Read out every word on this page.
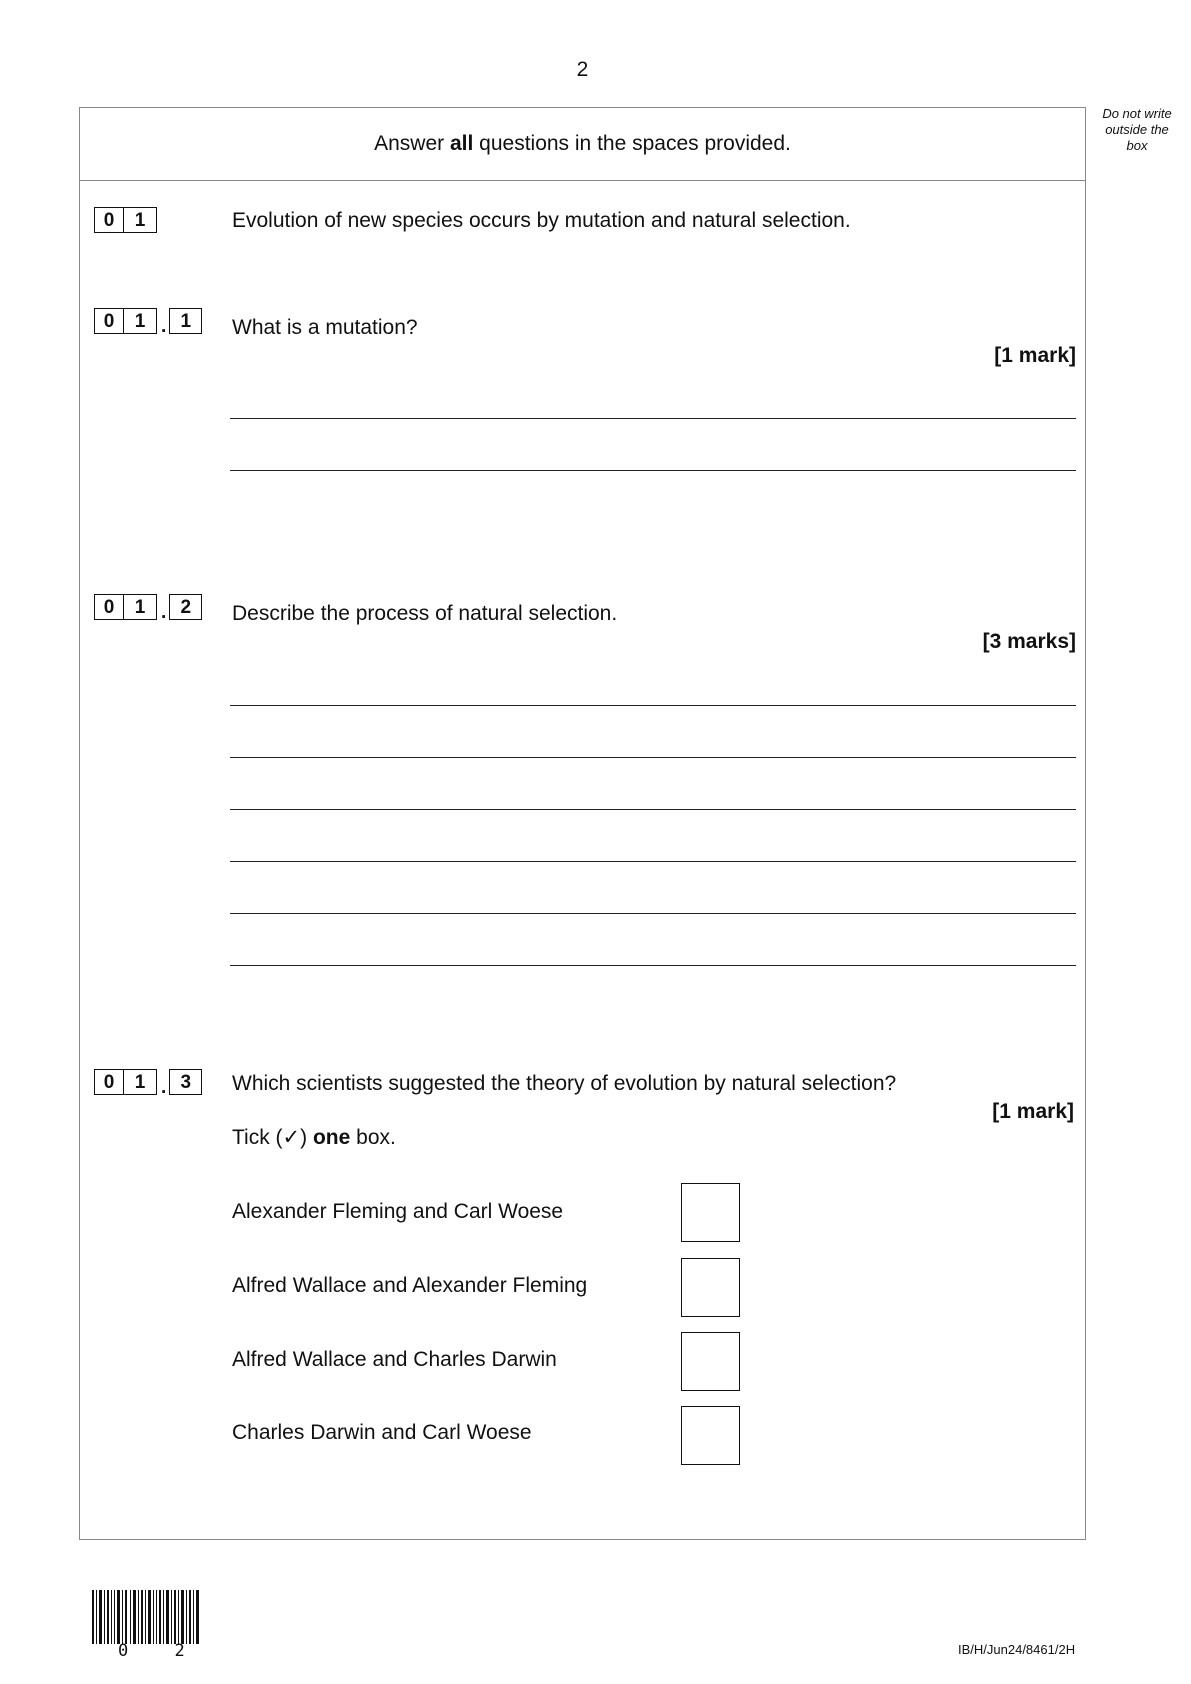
2
Do not write
outside the
box
Answer all questions in the spaces provided.
0	1	Evolution of new species occurs by mutation and natural selection.
0	1 . 1	What is a mutation?
[1 mark]
0	1 . 2	Describe the process of natural selection.
[3 marks]
0	1 . 3	Which scientists suggested the theory of evolution by natural selection?
[1 mark]
Tick (✓) one box.
Alexander Fleming and Carl Woese
Alfred Wallace and Alexander Fleming
Alfred Wallace and Charles Darwin
Charles Darwin and Carl Woese
0 2	IB/H/Jun24/8461/2H
